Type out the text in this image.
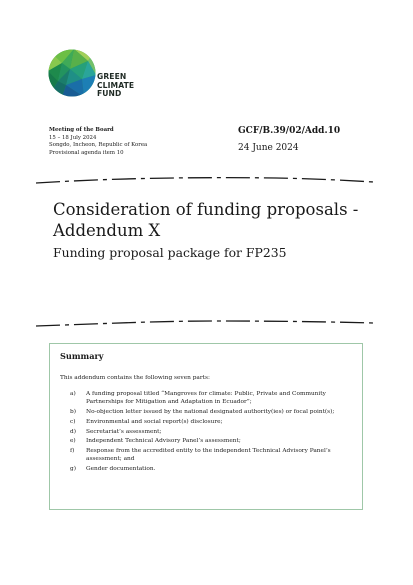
GREEN
CLIMATE
FUND
Meeting of the Board
15 – 18 July 2024
Songdo, Incheon, Republic of Korea
Provisional agenda item 10
GCF/B.39/02/Add.10
24 June 2024
Consideration of funding proposals - Addendum X
Funding proposal package for FP235
Summary
This addendum contains the following seven parts:
a) A funding proposal titled “Mangroves for climate: Public, Private and Community Partnerships for Mitigation and Adaptation in Ecuador”;
b) No-objection letter issued by the national designated authority(ies) or focal point(s);
c) Environmental and social report(s) disclosure;
d) Secretariat’s assessment;
e) Independent Technical Advisory Panel’s assessment;
f) Response from the accredited entity to the independent Technical Advisory Panel’s assessment; and
g) Gender documentation.
